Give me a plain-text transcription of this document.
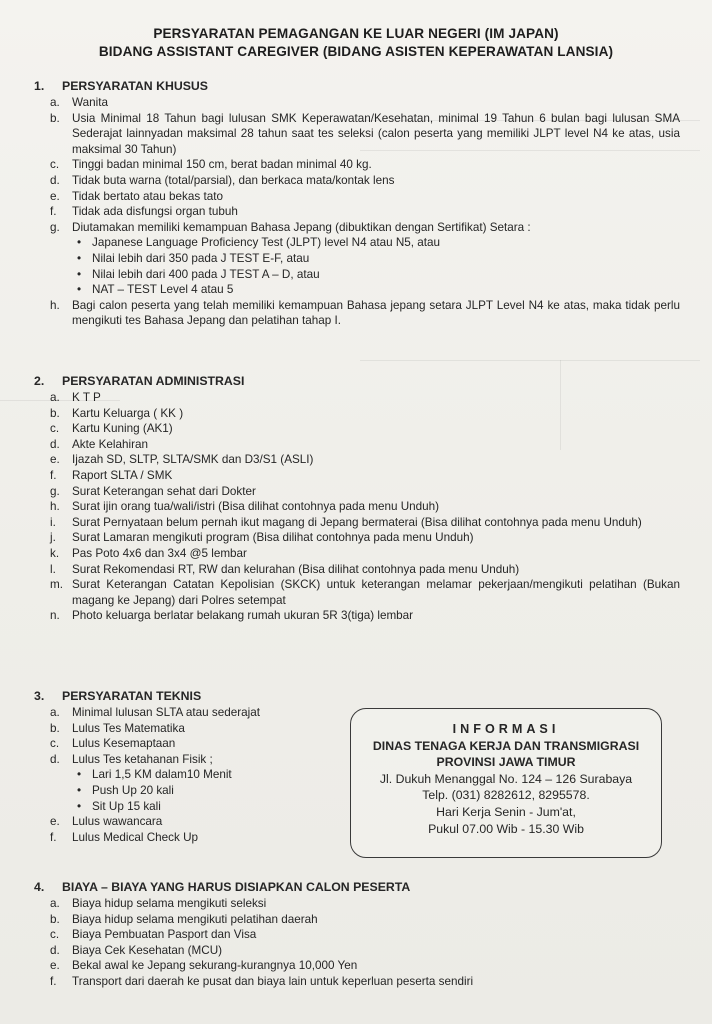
PERSYARATAN PEMAGANGAN KE LUAR NEGERI (IM JAPAN)
BIDANG ASSISTANT CAREGIVER (BIDANG ASISTEN KEPERAWATAN LANSIA)
1. PERSYARATAN KHUSUS
a. Wanita
b. Usia Minimal 18 Tahun bagi lulusan SMK Keperawatan/Kesehatan, minimal 19 Tahun 6 bulan bagi lulusan SMA Sederajat lainnyadan maksimal 28 tahun saat tes seleksi (calon peserta yang memiliki JLPT level N4 ke atas, usia maksimal 30 Tahun)
c. Tinggi badan minimal 150 cm, berat badan minimal 40 kg.
d. Tidak buta warna (total/parsial), dan berkaca mata/kontak lens
e. Tidak bertato atau bekas tato
f. Tidak ada disfungsi organ tubuh
g. Diutamakan memiliki kemampuan Bahasa Jepang (dibuktikan dengan Sertifikat) Setara :
• Japanese Language Proficiency Test (JLPT) level N4 atau N5, atau
• Nilai lebih dari 350 pada J TEST E-F, atau
• Nilai lebih dari 400 pada J TEST A – D, atau
• NAT – TEST Level 4 atau 5
h. Bagi calon peserta yang telah memiliki kemampuan Bahasa jepang setara JLPT Level N4 ke atas, maka tidak perlu mengikuti tes Bahasa Jepang dan pelatihan tahap I.
2. PERSYARATAN ADMINISTRASI
a. K T P
b. Kartu Keluarga ( KK )
c. Kartu Kuning (AK1)
d. Akte Kelahiran
e. Ijazah SD, SLTP, SLTA/SMK dan D3/S1 (ASLI)
f. Raport SLTA / SMK
g. Surat Keterangan sehat dari Dokter
h. Surat ijin orang tua/wali/istri (Bisa dilihat contohnya pada menu Unduh)
i. Surat Pernyataan belum pernah ikut magang di Jepang bermaterai (Bisa dilihat contohnya pada menu Unduh)
j. Surat Lamaran mengikuti program (Bisa dilihat contohnya pada menu Unduh)
k. Pas Poto 4x6 dan 3x4 @5 lembar
l. Surat Rekomendasi RT, RW dan kelurahan (Bisa dilihat contohnya pada menu Unduh)
m. Surat Keterangan Catatan Kepolisian (SKCK) untuk keterangan melamar pekerjaan/mengikuti pelatihan (Bukan magang ke Jepang) dari Polres setempat
n. Photo keluarga berlatar belakang rumah ukuran 5R 3(tiga) lembar
3. PERSYARATAN TEKNIS
a. Minimal lulusan SLTA atau sederajat
b. Lulus Tes Matematika
c. Lulus Kesemaptaan
d. Lulus Tes ketahanan Fisik ;
• Lari 1,5 KM dalam10 Menit
• Push Up 20 kali
• Sit Up 15 kali
e. Lulus wawancara
f. Lulus Medical Check Up
4. BIAYA – BIAYA YANG HARUS DISIAPKAN CALON PESERTA
a. Biaya hidup selama mengikuti seleksi
b. Biaya hidup selama mengikuti pelatihan daerah
c. Biaya Pembuatan Pasport dan Visa
d. Biaya Cek Kesehatan (MCU)
e. Bekal awal ke Jepang sekurang-kurangnya 10,000 Yen
f. Transport dari daerah ke pusat dan biaya lain untuk keperluan peserta sendiri
INFORMASI
DINAS TENAGA KERJA DAN TRANSMIGRASI
PROVINSI JAWA TIMUR
Jl. Dukuh Menanggal No. 124 – 126 Surabaya
Telp. (031) 8282612, 8295578.
Hari Kerja Senin - Jum'at,
Pukul 07.00 Wib - 15.30 Wib
